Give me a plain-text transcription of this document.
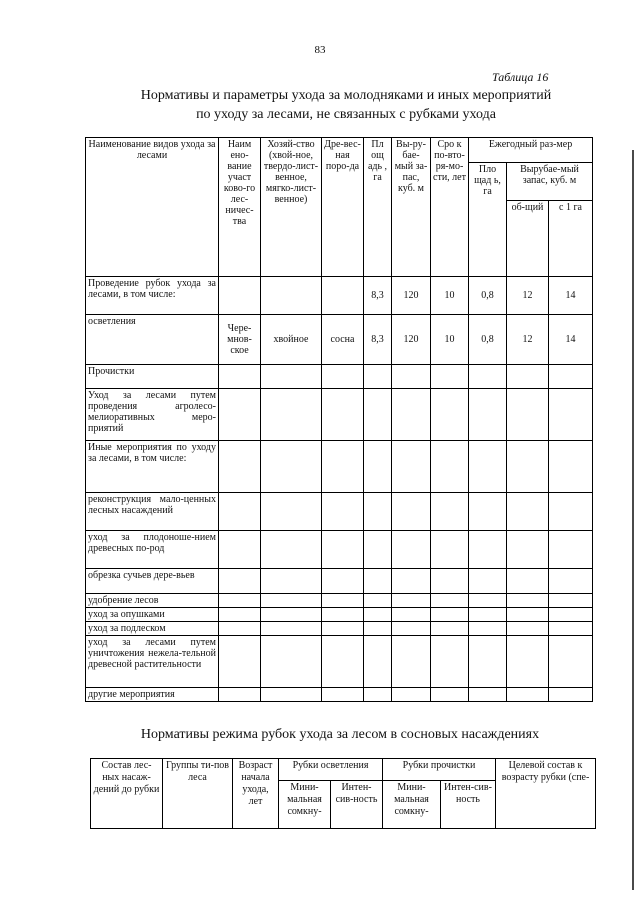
83
Таблица 16
Нормативы и параметры ухода за молодняками и иных мероприятий
по уходу за лесами, не связанных с рубками ухода
Наименование видов ухода за лесами	Наим ено-вание участ ково-го лес-ничес-тва	Хозяй-ство (хвой-ное, твердо-лист-венное, мягко-лист-венное)	Дре-вес-ная поро-да	Пл ощ адь , га	Вы-ру-бае-мый за-пас, куб. м	Сро к по-вто-ря-мо-сти, лет	Ежегодный раз-мер		
							Пло щад ь, га	Вырубае-мый запас, куб. м	
								об-щий	с 1 га
Проведение рубок ухода за лесами, в том числе:				8,3	120	10	0,8	12	14
осветления	Чере-мнов-ское	хвойное	сосна	8,3	120	10	0,8	12	14
Прочистки									
Уход за лесами путем проведения агролесо-мелиоративных меро-приятий									
Иные мероприятия по уходу за лесами, в том числе:									
реконструкция мало-ценных лесных насаждений									
уход за плодоноше-нием древесных по-род									
обрезка сучьев дере-вьев									
удобрение лесов									
уход за опушками									
уход за подлеском									
уход за лесами путем уничтожения нежела-тельной древесной растительности									
другие мероприятия									
Нормативы режима рубок ухода за лесом в сосновых насаждениях
Состав лес-ных насаж-дений до рубки	Группы ти-пов леса	Возраст начала ухода, лет	Рубки осветления		Рубки прочистки		Целевой состав к возрасту рубки (спе-
			Мини-мальная сомкну-	Интен-сив-ность	Мини-мальная сомкну-	Интен-сив-ность	
